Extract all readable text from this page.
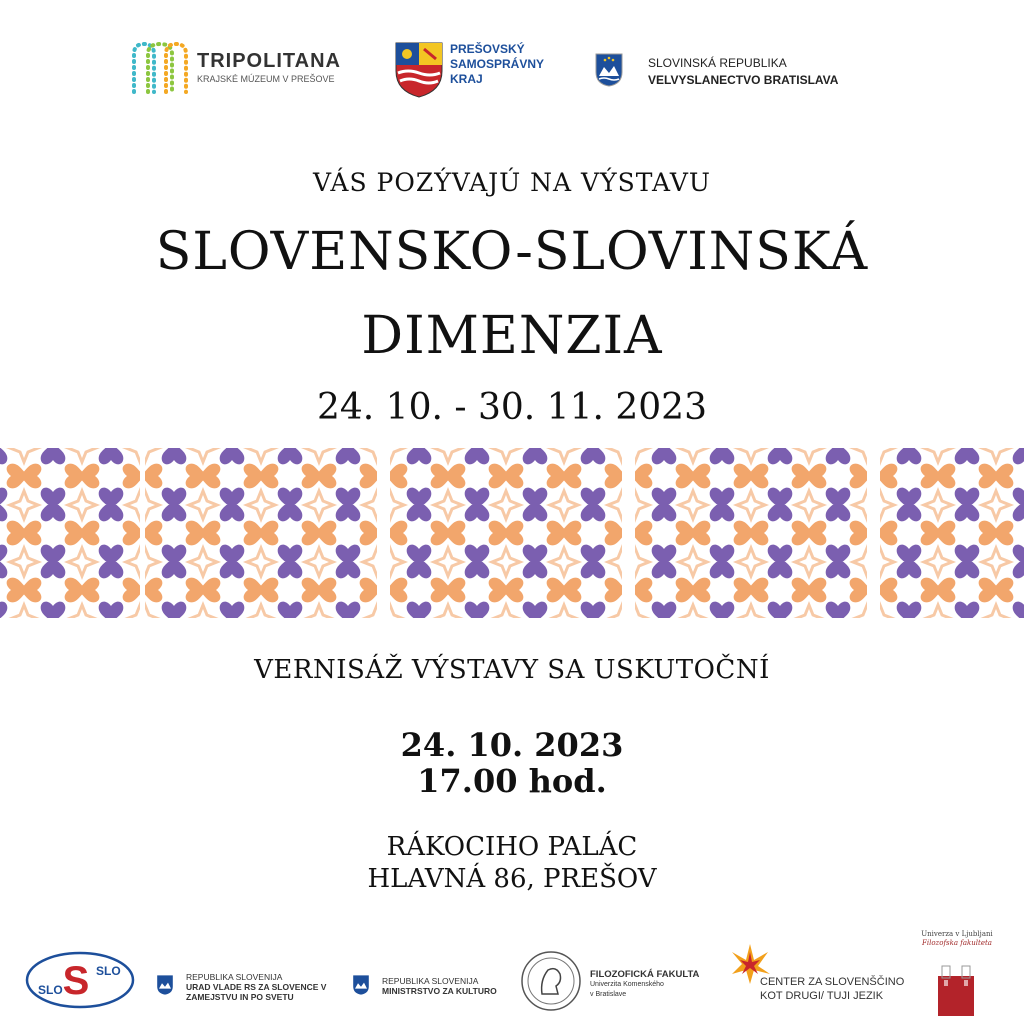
TRIPOLITANA
KRAJSKÉ MÚZEUM V PREŠOVE
PREŠOVSKÝ
SAMOSPRÁVNY
KRAJ
SLOVINSKÁ REPUBLIKA
VELVYSLANECTVO BRATISLAVA
VÁS POZÝVAJÚ NA VÝSTAVU
SLOVENSKO-SLOVINSKÁ
DIMENZIA
24. 10. - 30. 11. 2023
VERNISÁŽ VÝSTAVY SA USKUTOČNÍ
24. 10. 2023
17.00 hod.
RÁKOCIHO PALÁC
HLAVNÁ 86, PREŠOV
S SLO
SLO
REPUBLIKA SLOVENIJA
URAD VLADE RS ZA SLOVENCE V
ZAMEJSTVU IN PO SVETU
REPUBLIKA SLOVENIJA
MINISTRSTVO ZA KULTURO
FILOZOFICKÁ FAKULTA
Univerzita Komenského
v Bratislave
CENTER ZA SLOVENŠČINO
KOT DRUGI/ TUJI JEZIK
Univerza v Ljubljani
Filozofska fakulteta
